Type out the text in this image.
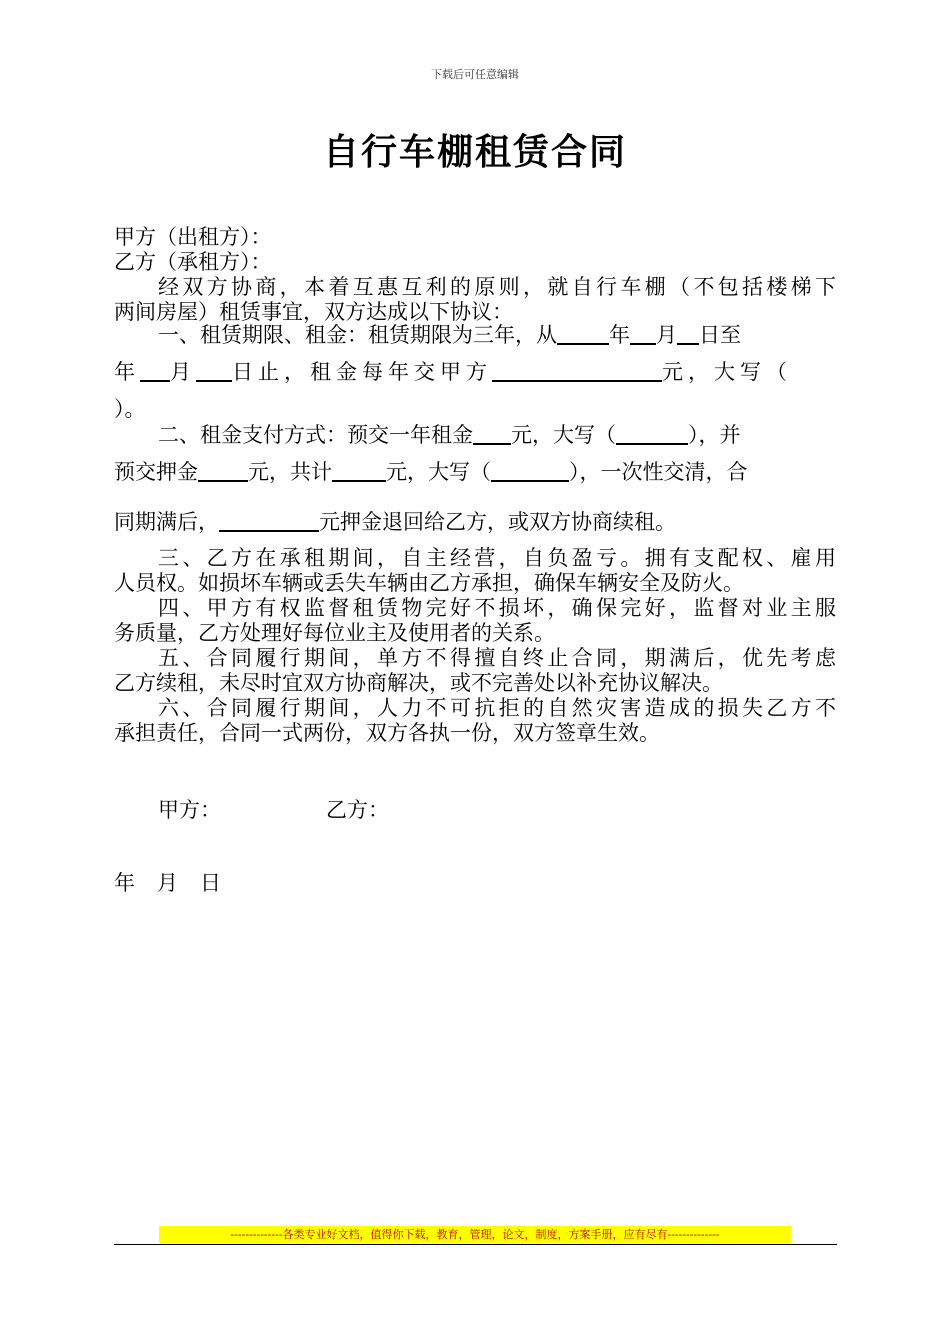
下载后可任意编辑
自行车棚租赁合同
甲方（出租方）：
乙方（承租方）：
经双方协商，本着互惠互利的原则，就自行车棚（不包括楼梯下
两间房屋）租赁事宜，双方达成以下协议：
一、租赁期限、租金：租赁期限为三年，从 年 月 日至
年 月 日止，租金每年交甲方	元，大写（
）。
二、租金支付方式：预交一年租金 元，大写（	），并
预交押金 元，共计	元，大写（	），一次性交清，合
同期满后，	元押金退回给乙方，或双方协商续租。
三、乙方在承租期间，自主经营，自负盈亏。拥有支配权、雇用
人员权。如损坏车辆或丢失车辆由乙方承担，确保车辆安全及防火。
四、甲方有权监督租赁物完好不损坏，确保完好，监督对业主服
务质量，乙方处理好每位业主及使用者的关系。
五、合同履行期间，单方不得擅自终止合同，期满后，优先考虑
乙方续租，未尽时宜双方协商解决，或不完善处以补充协议解决。
六、合同履行期间，人力不可抗拒的自然灾害造成的损失乙方不
承担责任，合同一式两份，双方各执一份，双方签章生效。
甲方：	乙方：
年 月 日
--------------各类专业好文档，值得你下载，教育，管理，论文，制度，方案手册，应有尽有--------------
